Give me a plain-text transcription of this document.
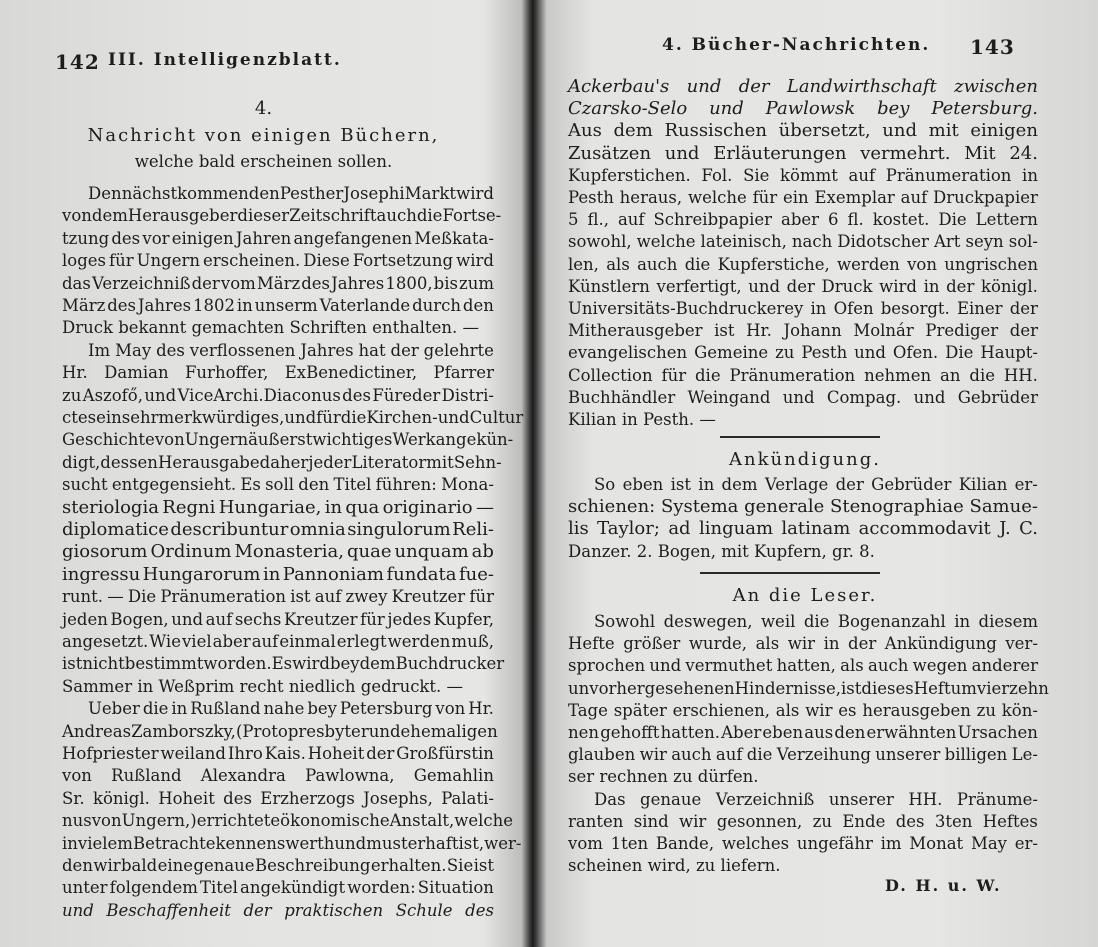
142 III. Intelligenzblatt.
4.
Nachricht von einigen Büchern,
welche bald erscheinen sollen.
Den nächstkommenden Pesther Josephi Markt wird
von dem Herausgeber dieser Zeitschrift auch die Fortse-
tzung des vor einigen Jahren angefangenen Meßkata-
loges für Ungern erscheinen. Diese Fortsetzung wird
das Verzeichniß der vom März des Jahres 1800, bis zum
März des Jahres 1802 in unserm Vaterlande durch den
Druck bekannt gemachten Schriften enthalten. —
Im May des verflossenen Jahres hat der gelehrte
Hr. Damian Furhoffer, ExBenedictiner, Pfarrer
zu Aszofő, und ViceArchi.Diaconus des Füreder Distri-
ctes ein sehr merkwürdiges, und für die Kirchen- und Cultur
Geschichte von Ungern äußerst wichtiges Werk angekün-
digt, dessen Herausgabe daher jeder Literator mit Sehn-
sucht entgegensieht. Es soll den Titel führen: Mona-
steriologia Regni Hungariae, in qua originario —
diplomatice describuntur omnia singulorum Reli-
giosorum Ordinum Monasteria, quae unquam ab
ingressu Hungarorum in Pannoniam fundata fue-
runt. — Die Pränumeration ist auf zwey Kreutzer für
jeden Bogen, und auf sechs Kreutzer für jedes Kupfer,
angesetzt. Wie viel aber auf einmal erlegt werden muß,
ist nicht bestimmt worden. Es wird bey dem Buchdrucker
Sammer in Weßprim recht niedlich gedruckt. —
Ueber die in Rußland nahe bey Petersburg von Hr.
Andreas Zamborszky, (Protopresbyter und ehemaligen
Hofpriester weiland Ihro Kais. Hoheit der Großfürstin
von Rußland Alexandra Pawlowna, Gemahlin
Sr. königl. Hoheit des Erzherzogs Josephs, Palati-
nus von Ungern,) errichtete ökonomische Anstalt, welche
in vielem Betrachte kennenswerth und musterhaft ist, wer-
den wir bald eine genaue Beschreibung erhalten. Sie ist
unter folgendem Titel angekündigt worden: Situation
und Beschaffenheit der praktischen Schule des
4. Bücher-Nachrichten. 143
Ackerbau's und der Landwirthschaft zwischen
Czarsko-Selo und Pawlowsk bey Petersburg.
Aus dem Russischen übersetzt, und mit einigen
Zusätzen und Erläuterungen vermehrt. Mit 24.
Kupferstichen. Fol. Sie kömmt auf Pränumeration in
Pesth heraus, welche für ein Exemplar auf Druckpapier
5 fl., auf Schreibpapier aber 6 fl. kostet. Die Lettern
sowohl, welche lateinisch, nach Didotscher Art seyn sol-
len, als auch die Kupferstiche, werden von ungrischen
Künstlern verfertigt, und der Druck wird in der königl.
Universitäts-Buchdruckerey in Ofen besorgt. Einer der
Mitherausgeber ist Hr. Johann Molnár Prediger der
evangelischen Gemeine zu Pesth und Ofen. Die Haupt-
Collection für die Pränumeration nehmen an die HH.
Buchhändler Weingand und Compag. und Gebrüder
Kilian in Pesth. —
Ankündigung.
So eben ist in dem Verlage der Gebrüder Kilian er-
schienen: Systema generale Stenographiae Samue-
lis Taylor; ad linguam latinam accommodavit J. C.
Danzer. 2. Bogen, mit Kupfern, gr. 8.
An die Leser.
Sowohl deswegen, weil die Bogenanzahl in diesem
Hefte größer wurde, als wir in der Ankündigung ver-
sprochen und vermuthet hatten, als auch wegen anderer
unvorhergesehenen Hindernisse, ist dieses Heft um vierzehn
Tage später erschienen, als wir es herausgeben zu kön-
nen gehofft hatten. Aber eben aus den erwähnten Ursachen
glauben wir auch auf die Verzeihung unserer billigen Le-
ser rechnen zu dürfen.
Das genaue Verzeichniß unserer HH. Pränume-
ranten sind wir gesonnen, zu Ende des 3ten Heftes
vom 1ten Bande, welches ungefähr im Monat May er-
scheinen wird, zu liefern.
D. H. u. W.
